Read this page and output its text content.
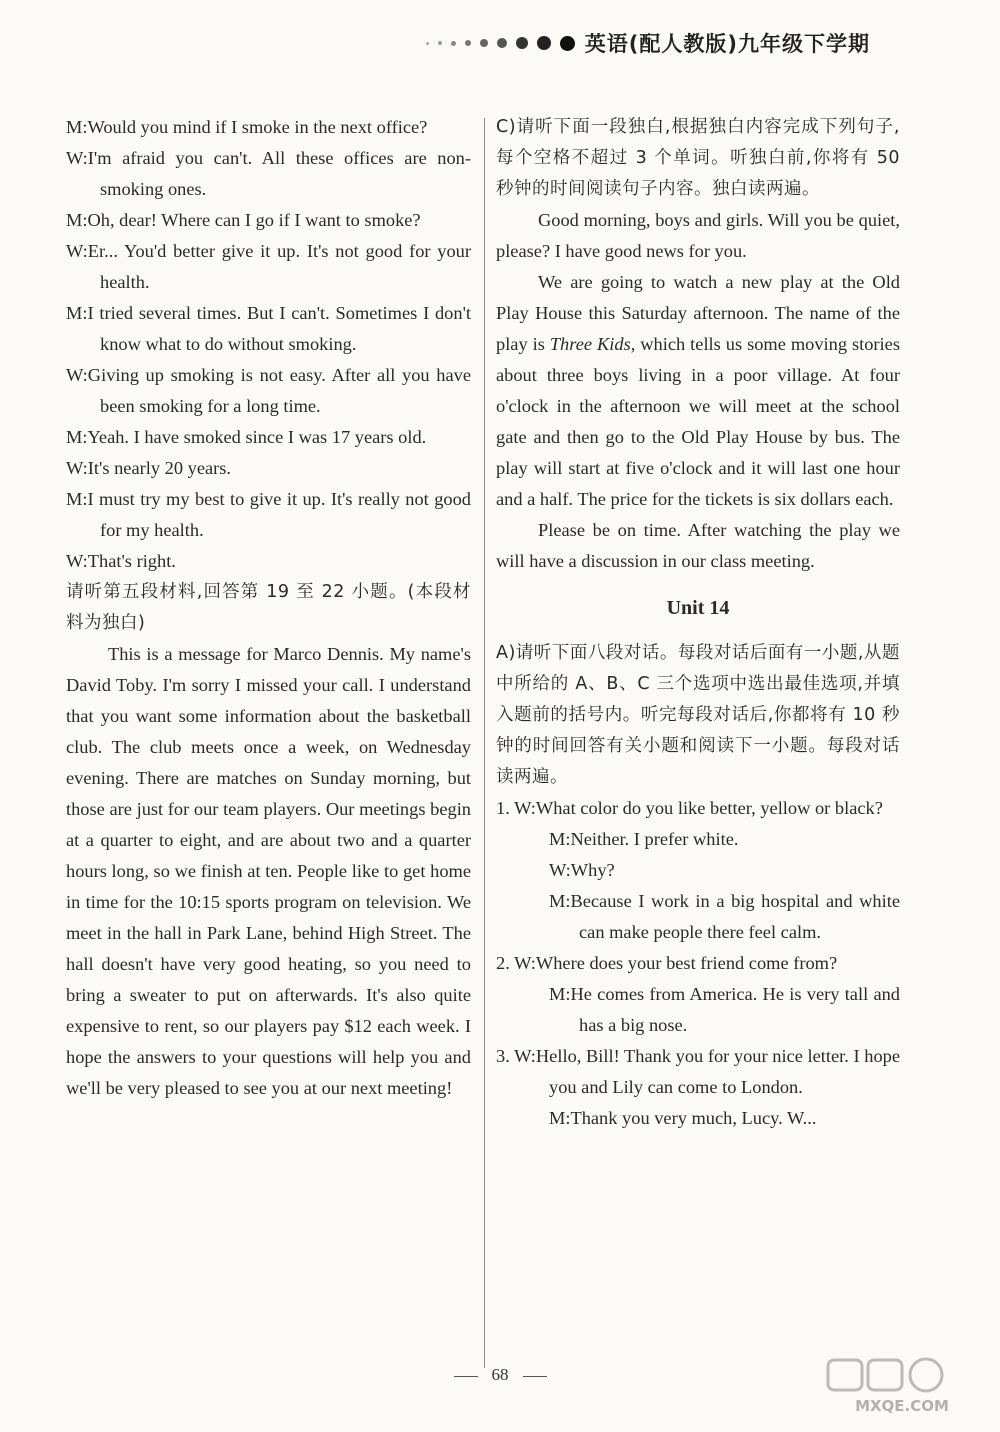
英语(配人教版)九年级下学期

M:Would you mind if I smoke in the next office?

W:I'm afraid you can't. All these offices are non-smoking ones.

M:Oh, dear! Where can I go if I want to smoke?

W:Er... You'd better give it up. It's not good for your health.

M:I tried several times. But I can't. Sometimes I don't know what to do without smoking.

W:Giving up smoking is not easy. After all you have been smoking for a long time.

M:Yeah. I have smoked since I was 17 years old.

W:It's nearly 20 years.

M:I must try my best to give it up. It's really not good for my health.

W:That's right.

请听第五段材料,回答第 19 至 22 小题。(本段材料为独白)

This is a message for Marco Dennis. My name's David Toby. I'm sorry I missed your call. I understand that you want some information about the basketball club. The club meets once a week, on Wednesday evening. There are matches on Sunday morning, but those are just for our team players. Our meetings begin at a quarter to eight, and are about two and a quarter hours long, so we finish at ten. People like to get home in time for the 10:15 sports program on television. We meet in the hall in Park Lane, behind High Street. The hall doesn't have very good heating, so you need to bring a sweater to put on afterwards. It's also quite expensive to rent, so our players pay $12 each week. I hope the answers to your questions will help you and we'll be very pleased to see you at our next meeting!

C)请听下面一段独白,根据独白内容完成下列句子,每个空格不超过 3 个单词。听独白前,你将有 50 秒钟的时间阅读句子内容。独白读两遍。

Good morning, boys and girls. Will you be quiet, please? I have good news for you.

We are going to watch a new play at the Old Play House this Saturday afternoon. The name of the play is Three Kids, which tells us some moving stories about three boys living in a poor village. At four o'clock in the afternoon we will meet at the school gate and then go to the Old Play House by bus. The play will start at five o'clock and it will last one hour and a half. The price for the tickets is six dollars each.

Please be on time. After watching the play we will have a discussion in our class meeting.

Unit 14

A)请听下面八段对话。每段对话后面有一小题,从题中所给的 A、B、C 三个选项中选出最佳选项,并填入题前的括号内。听完每段对话后,你都将有 10 秒钟的时间回答有关小题和阅读下一小题。每段对话读两遍。

1. W:What color do you like better, yellow or black?

M:Neither. I prefer white.

W:Why?

M:Because I work in a big hospital and white can make people there feel calm.

2. W:Where does your best friend come from?

M:He comes from America. He is very tall and has a big nose.

3. W:Hello, Bill! Thank you for your nice letter. I hope you and Lily can come to London.

M:Thank you very much, Lucy. W...

68
MXQE.COM
